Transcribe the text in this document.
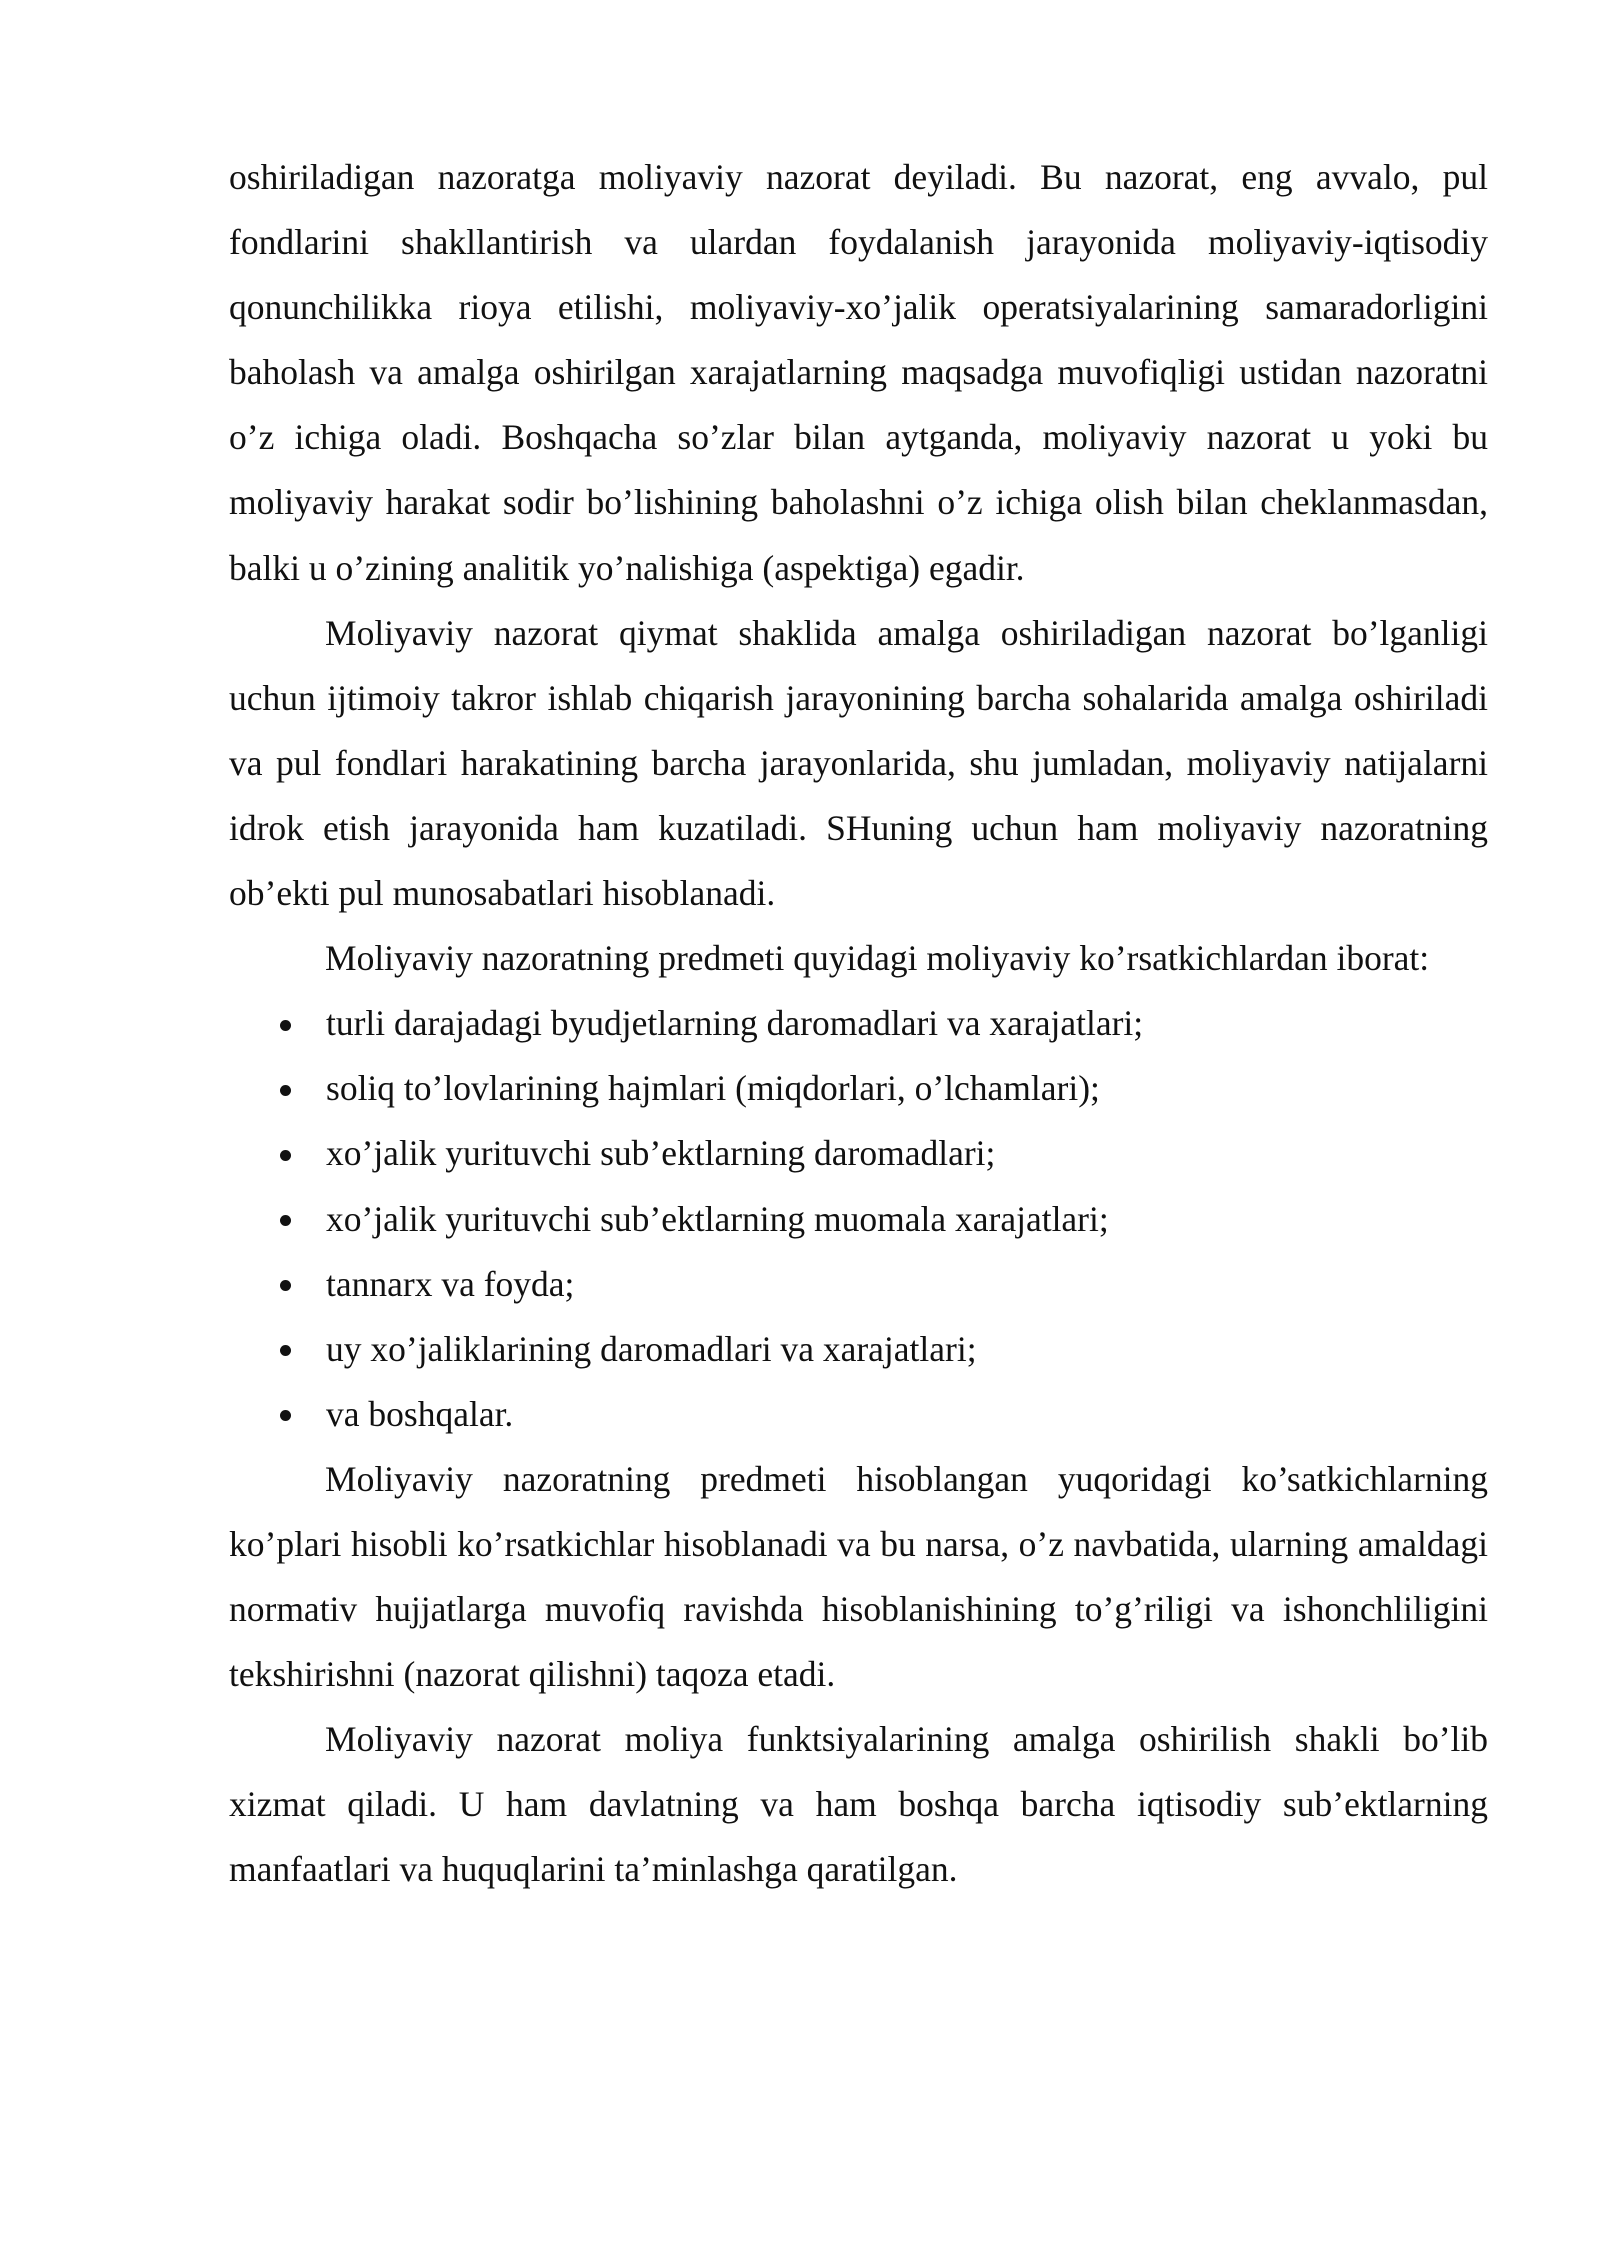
oshiriladigan nazoratga moliyaviy nazorat deyiladi. Bu nazorat, eng avvalo, pul fondlarini shakllantirish va ulardan foydalanish jarayonida moliyaviy-iqtisodiy qonunchilikka rioya etilishi, moliyaviy-xo’jalik operatsiyalarining samaradorligini baholash va amalga oshirilgan xarajatlarning maqsadga muvofiqligi ustidan nazoratni o’z ichiga oladi. Boshqacha so’zlar bilan aytganda, moliyaviy nazorat u yoki bu moliyaviy harakat sodir bo’lishining baholashni o’z ichiga olish bilan cheklanmasdan, balki u o’zining analitik yo’nalishiga (aspektiga) egadir.

Moliyaviy nazorat qiymat shaklida amalga oshiriladigan nazorat bo’lganligi uchun ijtimoiy takror ishlab chiqarish jarayonining barcha sohalarida amalga oshiriladi va pul fondlari harakatining barcha jarayonlarida, shu jumladan, moliyaviy natijalarni idrok etish jarayonida ham kuzatiladi. SHuning uchun ham moliyaviy nazoratning ob’ekti pul munosabatlari hisoblanadi.

Moliyaviy nazoratning predmeti quyidagi moliyaviy ko’rsatkichlardan iborat:

turli darajadagi byudjetlarning daromadlari va xarajatlari;
soliq to’lovlarining hajmlari (miqdorlari, o’lchamlari);
xo’jalik yurituvchi sub’ektlarning daromadlari;
xo’jalik yurituvchi sub’ektlarning muomala xarajatlari;
tannarx va foyda;
uy xo’jaliklarining daromadlari va xarajatlari;
va boshqalar.

Moliyaviy nazoratning predmeti hisoblangan yuqoridagi ko’satkichlarning ko’plari hisobli ko’rsatkichlar hisoblanadi va bu narsa, o’z navbatida, ularning amaldagi normativ hujjatlarga muvofiq ravishda hisoblanishining to’g’riligi va ishonchliligini tekshirishni (nazorat qilishni) taqoza etadi.

Moliyaviy nazorat moliya funktsiyalarining amalga oshirilish shakli bo’lib xizmat qiladi. U ham davlatning va ham boshqa barcha iqtisodiy sub’ektlarning manfaatlari va huquqlarini ta’minlashga qaratilgan.
